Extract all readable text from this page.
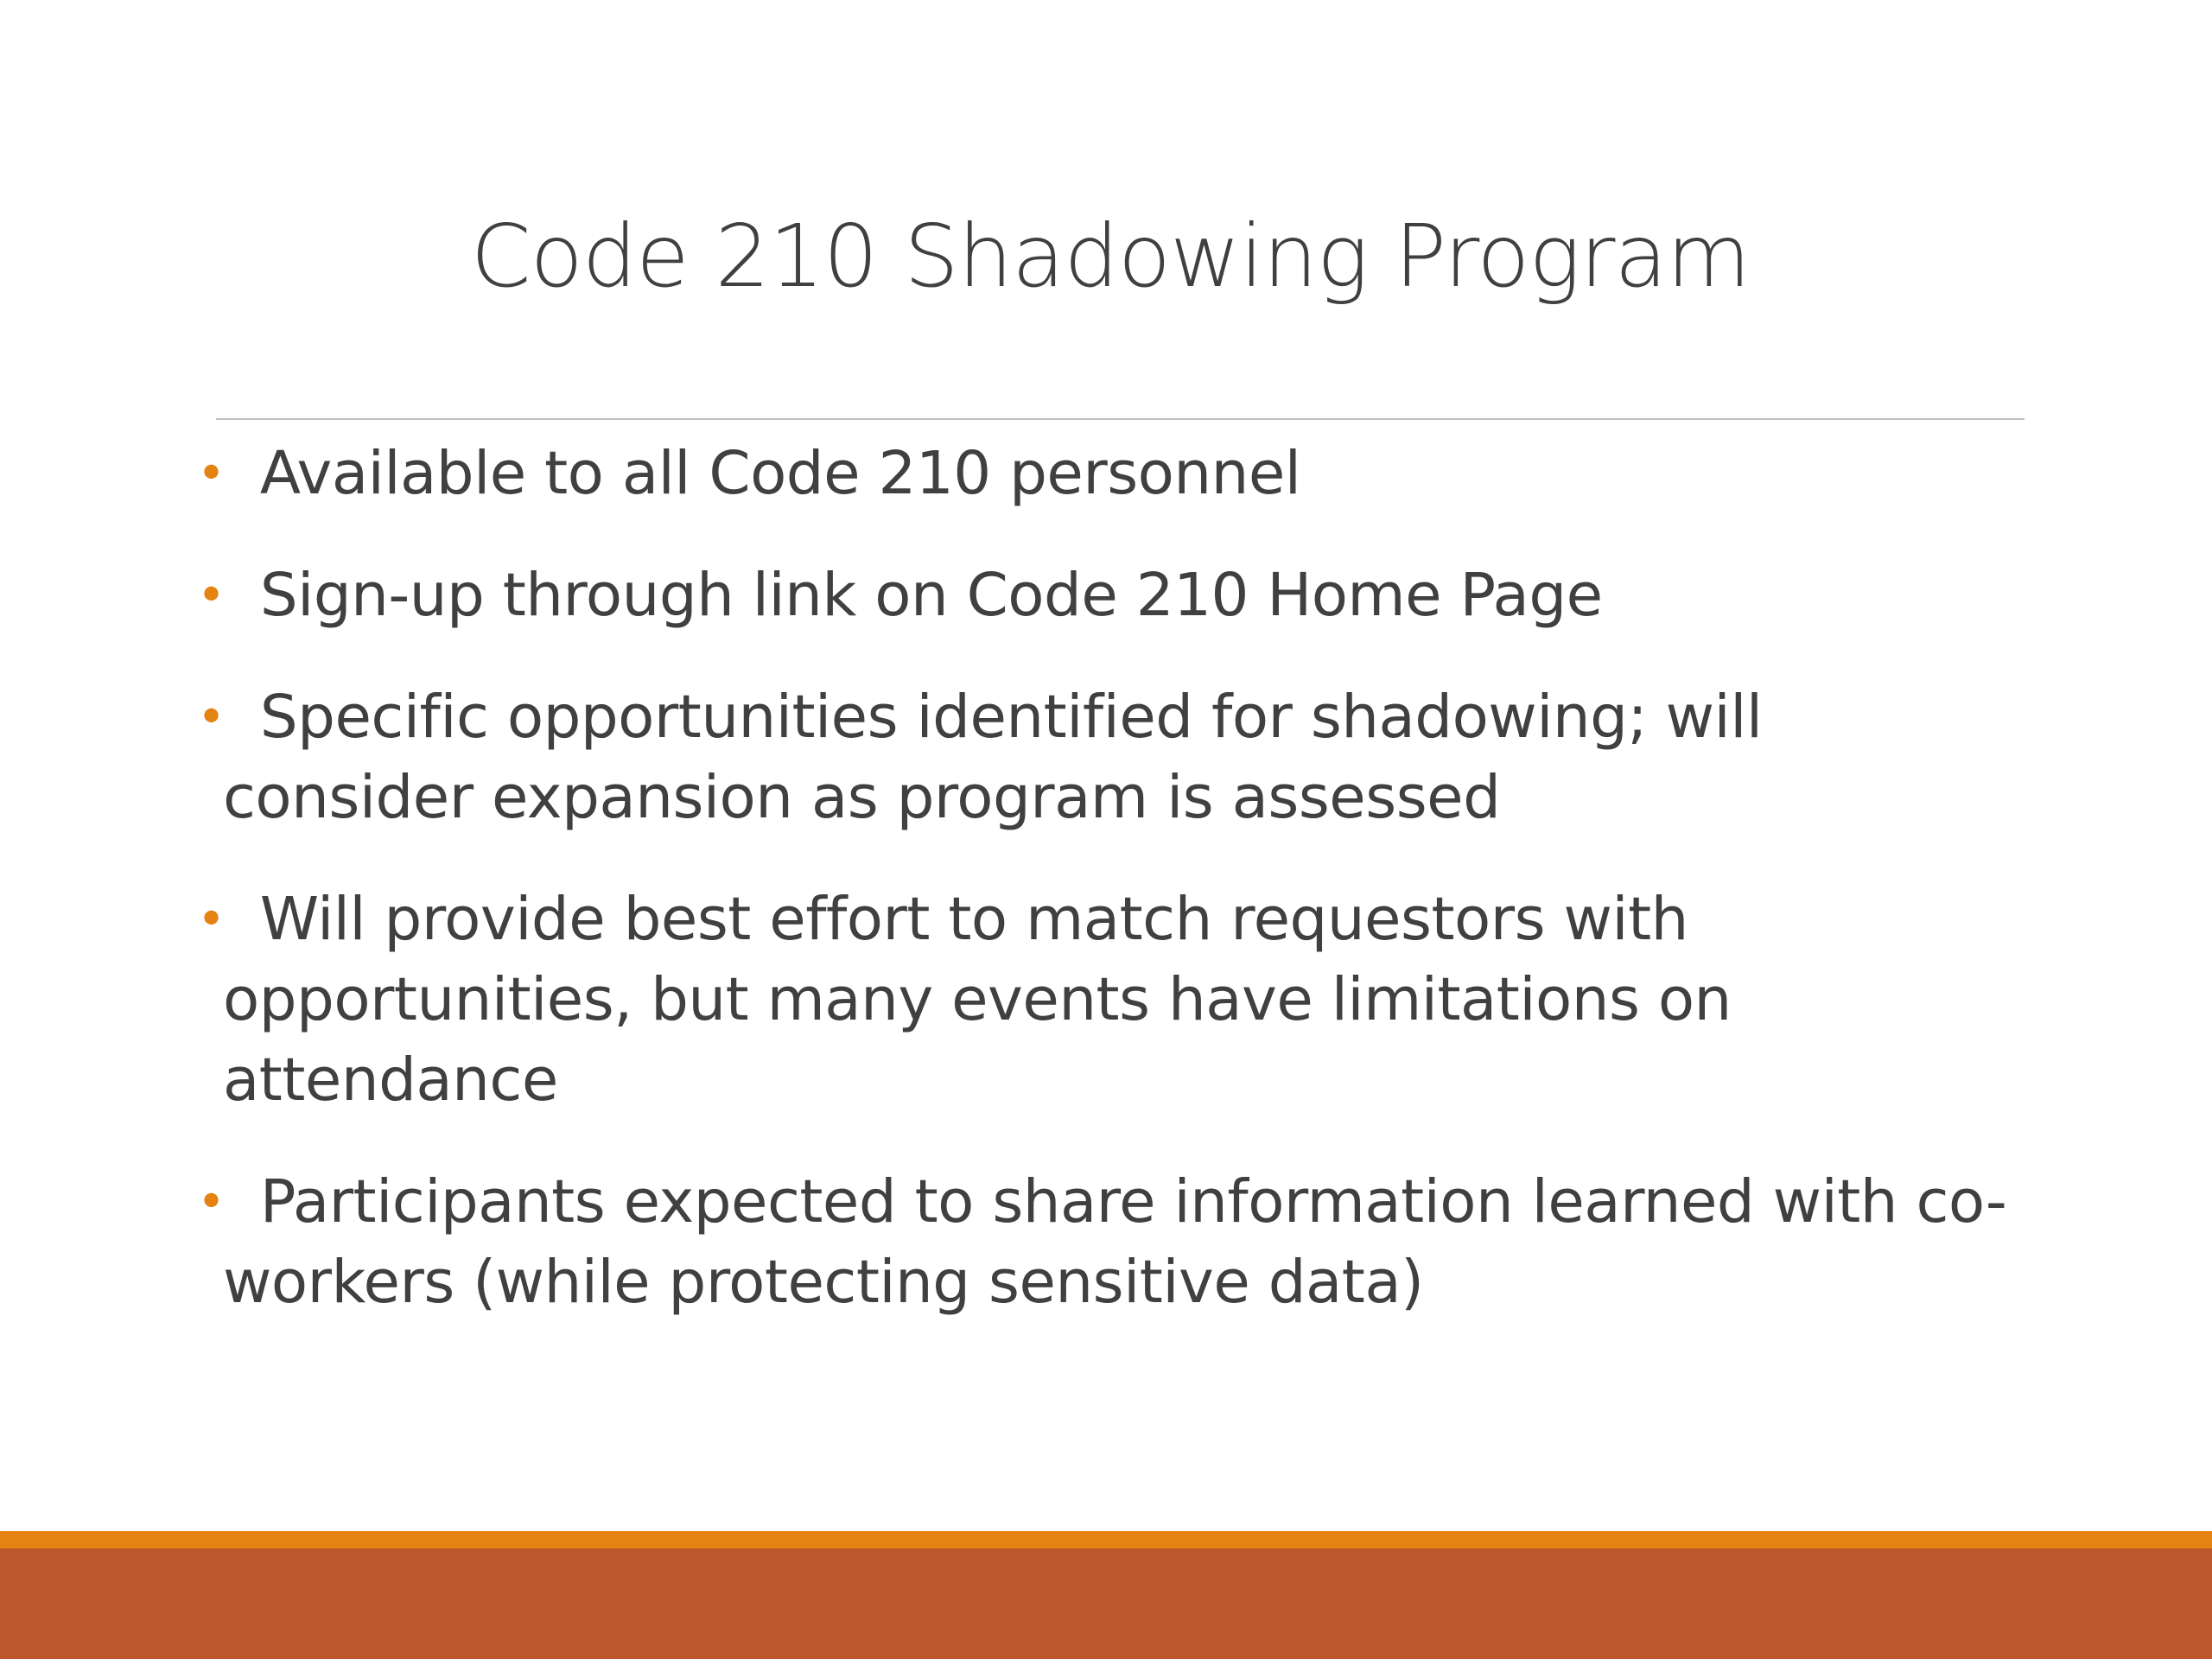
Code 210 Shadowing Program
• Available to all Code 210 personnel
• Sign-up through link on Code 210 Home Page
• Specific opportunities identified for shadowing; will consider expansion as program is assessed
• Will provide best effort to match requestors with opportunities, but many events have limitations on attendance
• Participants expected to share information learned with co-workers (while protecting sensitive data)
